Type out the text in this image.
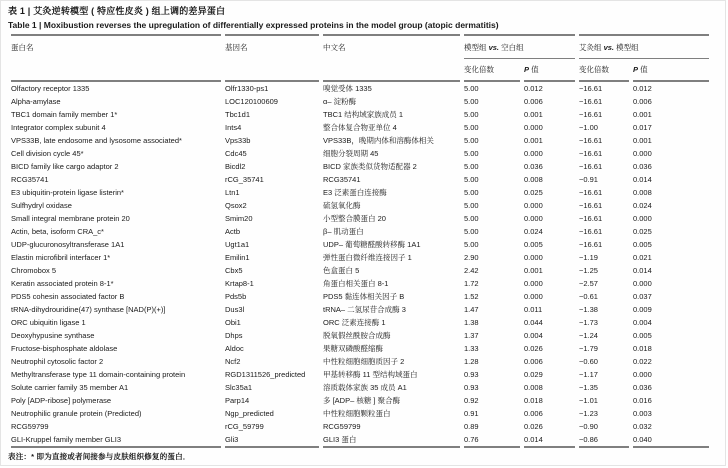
表 1 | 艾灸逆转模型 ( 特应性皮炎 ) 组上调的差异蛋白
Table 1 | Moxibustion reverses the upregulation of differentially expressed proteins in the model group (atopic dermatitis)
蛋白名	基因名	中文名	模型组 vs. 空白组		艾灸组 vs. 模型组	
			变化倍数	P 值	变化倍数	P 值
Olfactory receptor 1335	Olfr1330-ps1	嗅觉受体 1335	5.00	0.012	−16.61	0.012
Alpha-amylase	LOC120100609	α– 淀粉酶	5.00	0.006	−16.61	0.006
TBC1 domain family member 1*	Tbc1d1	TBC1 结构域家族成员 1	5.00	0.001	−16.61	0.001
Integrator complex subunit 4	Ints4	整合体复合物亚单位 4	5.00	0.000	−1.00	0.017
VPS33B, late endosome and lysosome associated*	Vps33b	VPS33B，晚期内体和溶酶体相关	5.00	0.001	−16.61	0.001
Cell division cycle 45*	Cdc45	细胞分裂周期 45	5.00	0.000	−16.61	0.000
BICD family like cargo adaptor 2	Bicdl2	BICD 家族类似货物适配器 2	5.00	0.036	−16.61	0.036
RCG35741	rCG_35741	RCG35741	5.00	0.008	−0.91	0.014
E3 ubiquitin-protein ligase listerin*	Ltn1	E3 泛素蛋白连接酶	5.00	0.025	−16.61	0.008
Sulfhydryl oxidase	Qsox2	硫氢氧化酶	5.00	0.000	−16.61	0.024
Small integral membrane protein 20	Smim20	小型整合膜蛋白 20	5.00	0.000	−16.61	0.000
Actin, beta, isoform CRA_c*	Actb	β– 肌动蛋白	5.00	0.024	−16.61	0.025
UDP-glucuronosyltransferase 1A1	Ugt1a1	UDP– 葡萄糖醛酸转移酶 1A1	5.00	0.005	−16.61	0.005
Elastin microfibril interfacer 1*	Emilin1	弹性蛋白微纤维连接因子 1	2.90	0.000	−1.19	0.021
Chromobox 5	Cbx5	色盒蛋白 5	2.42	0.001	−1.25	0.014
Keratin associated protein 8-1*	Krtap8-1	角蛋白相关蛋白 8-1	1.72	0.000	−2.57	0.000
PDS5 cohesin associated factor B	Pds5b	PDS5 黏连体相关因子 B	1.52	0.000	−0.61	0.037
tRNA-dihydrouridine(47) synthase [NAD(P)(+)]	Dus3l	tRNA– 二氢尿苷合成酶 3	1.47	0.011	−1.38	0.009
ORC ubiquitin ligase 1	Obi1	ORC 泛素连接酶 1	1.38	0.044	−1.73	0.004
Deoxyhypusine synthase	Dhps	脱氧假丝酰胺合成酶	1.37	0.004	−1.24	0.005
Fructose-bisphosphate aldolase	Aldoc	果糖双磷酸醛缩酶	1.33	0.026	−1.79	0.018
Neutrophil cytosolic factor 2	Ncf2	中性粒细胞细胞质因子 2	1.28	0.006	−0.60	0.022
Methyltransferase type 11 domain-containing protein	RGD1311526_predicted	甲基转移酶 11 型结构域蛋白	0.93	0.029	−1.17	0.000
Solute carrier family 35 member A1	Slc35a1	溶质载体家族 35 成员 A1	0.93	0.008	−1.35	0.036
Poly [ADP-ribose] polymerase	Parp14	多 [ADP– 核糖 ] 聚合酶	0.92	0.018	−1.01	0.016
Neutrophilic granule protein (Predicted)	Ngp_predicted	中性粒细胞颗粒蛋白	0.91	0.006	−1.23	0.003
RCG59799	rCG_59799	RCG59799	0.89	0.026	−0.90	0.032
GLI-Kruppel family member GLI3	Gli3	GLI3 蛋白	0.76	0.014	−0.86	0.040
表注：* 即为直接或者间接参与皮肤组织修复的蛋白．
